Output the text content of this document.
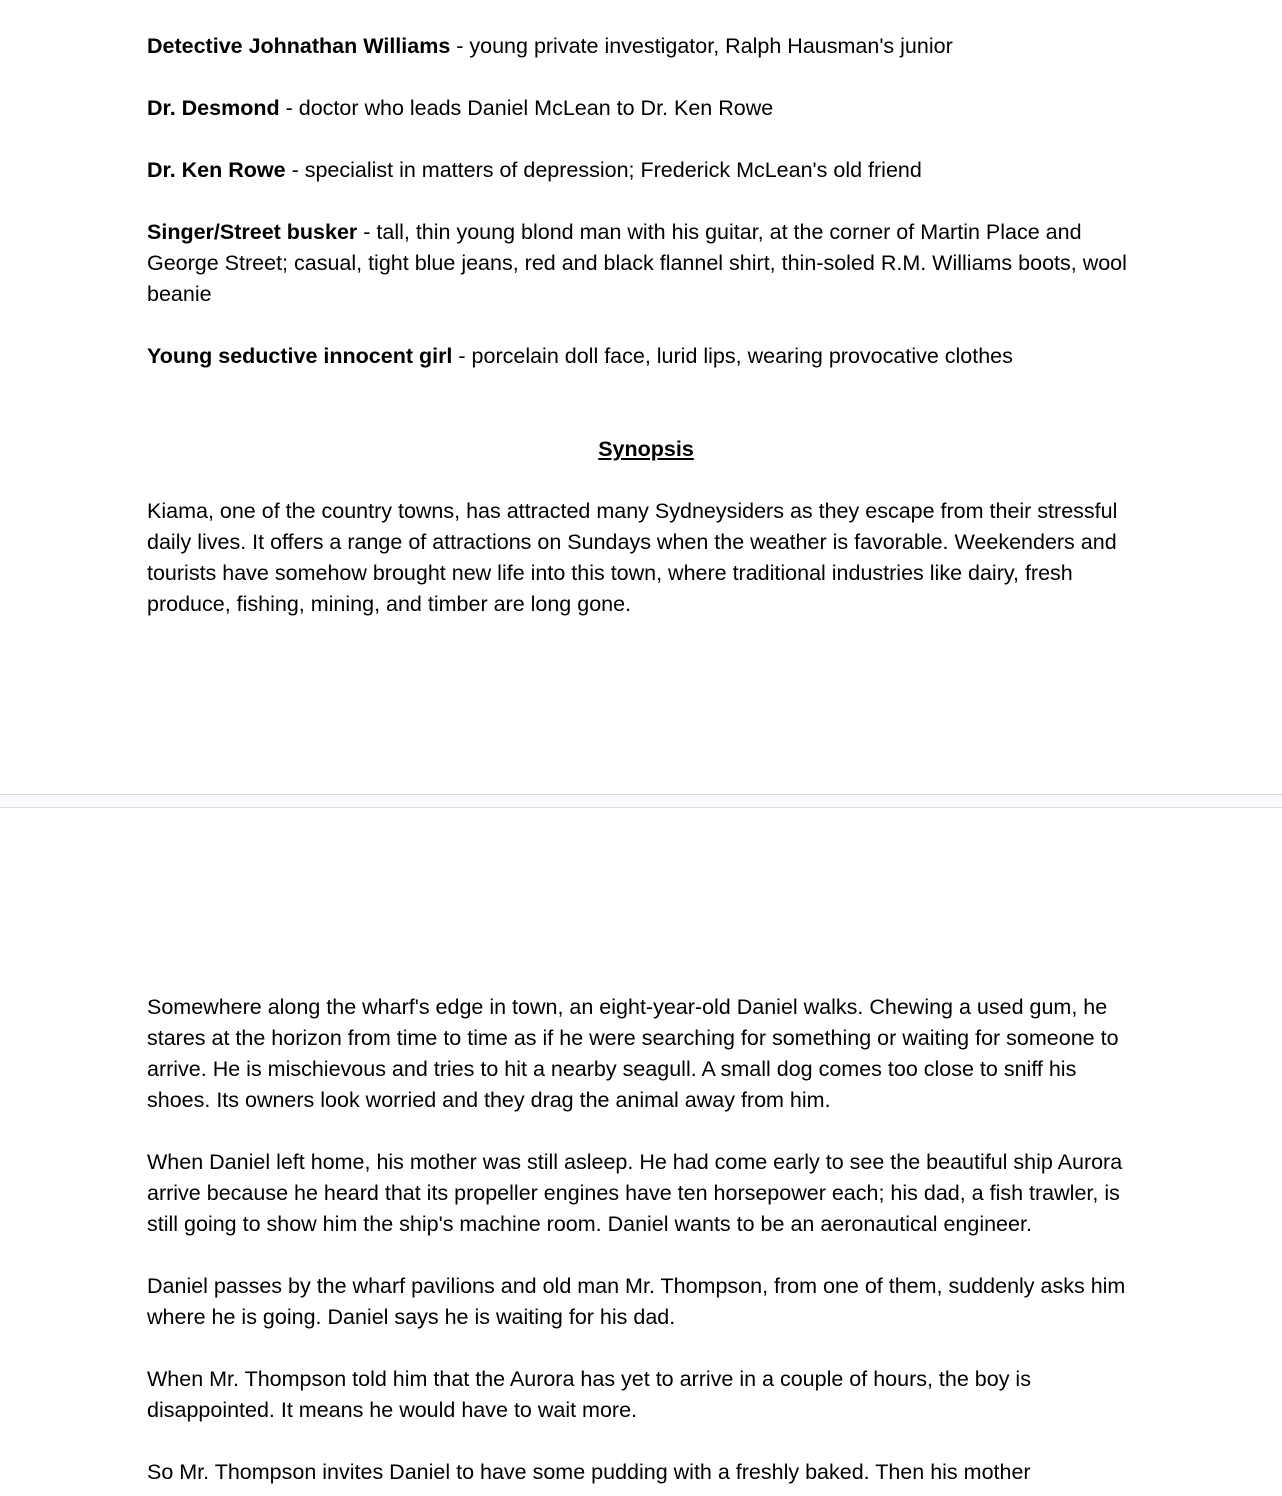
Detective Johnathan Williams - young private investigator, Ralph Hausman's junior

Dr. Desmond - doctor who leads Daniel McLean to Dr. Ken Rowe

Dr. Ken Rowe - specialist in matters of depression; Frederick McLean's old friend

Singer/Street busker - tall, thin young blond man with his guitar, at the corner of Martin Place and George Street; casual, tight blue jeans, red and black flannel shirt, thin-soled R.M. Williams boots, wool beanie

Young seductive innocent girl - porcelain doll face, lurid lips, wearing provocative clothes

Synopsis

Kiama, one of the country towns, has attracted many Sydneysiders as they escape from their stressful daily lives. It offers a range of attractions on Sundays when the weather is favorable. Weekenders and tourists have somehow brought new life into this town, where traditional industries like dairy, fresh produce, fishing, mining, and timber are long gone.

Somewhere along the wharf's edge in town, an eight-year-old Daniel walks. Chewing a used gum, he stares at the horizon from time to time as if he were searching for something or waiting for someone to arrive. He is mischievous and tries to hit a nearby seagull. A small dog comes too close to sniff his shoes. Its owners look worried and they drag the animal away from him.

When Daniel left home, his mother was still asleep. He had come early to see the beautiful ship Aurora arrive because he heard that its propeller engines have ten horsepower each; his dad, a fish trawler, is still going to show him the ship's machine room. Daniel wants to be an aeronautical engineer.

Daniel passes by the wharf pavilions and old man Mr. Thompson, from one of them, suddenly asks him where he is going. Daniel says he is waiting for his dad.

When Mr. Thompson told him that the Aurora has yet to arrive in a couple of hours, the boy is disappointed. It means he would have to wait more.

So Mr. Thompson invites Daniel to have some pudding with a freshly baked. Then his mother
